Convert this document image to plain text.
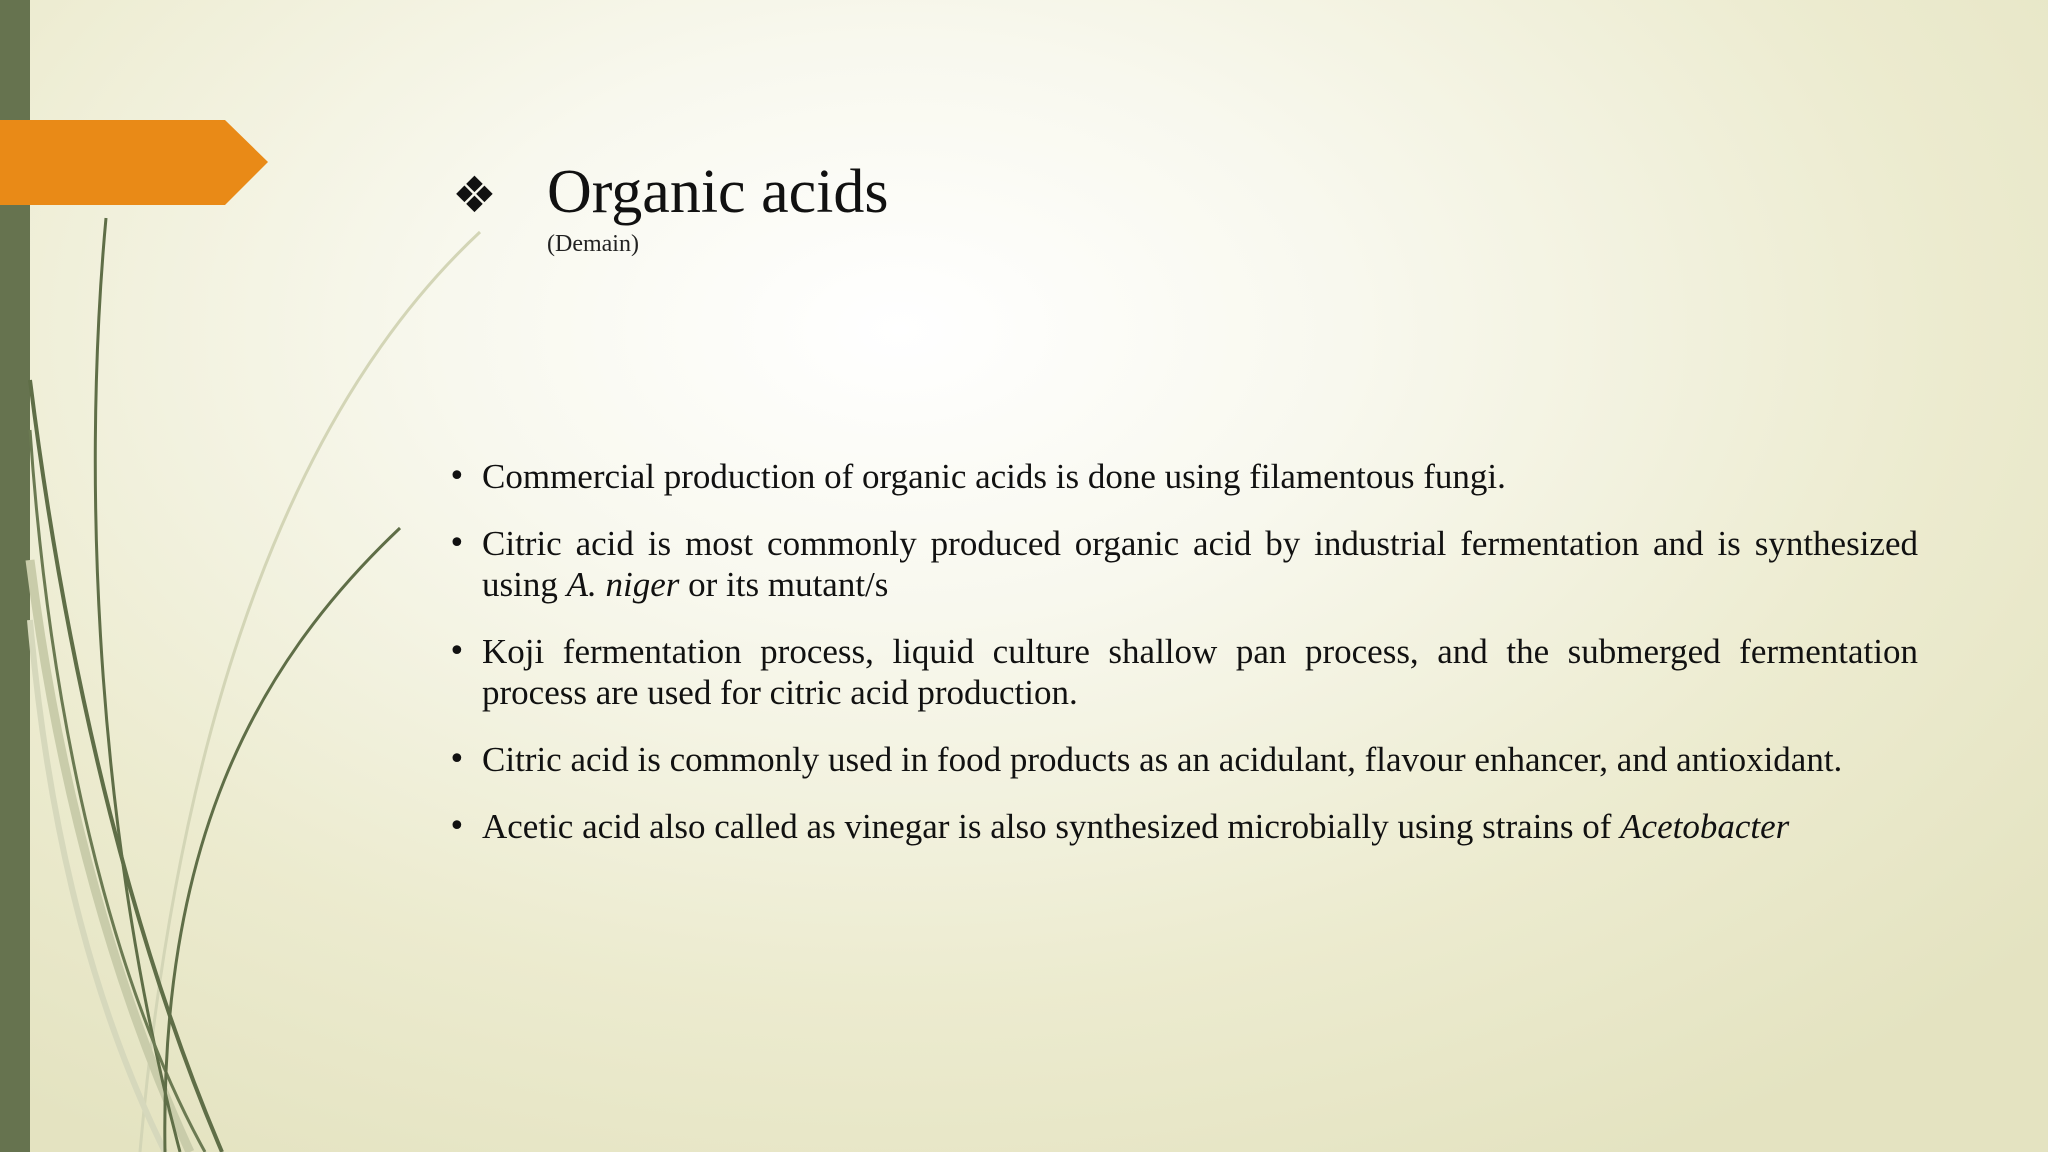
❖ Organic acids
(Demain)
• Commercial production of organic acids is done using filamentous fungi.
• Citric acid is most commonly produced organic acid by industrial fermentation and is synthesized using A. niger or its mutant/s
• Koji fermentation process, liquid culture shallow pan process, and the submerged fermentation process are used for citric acid production.
• Citric acid is commonly used in food products as an acidulant, flavour enhancer, and antioxidant.
• Acetic acid also called as vinegar is also synthesized microbially using strains of Acetobacter
